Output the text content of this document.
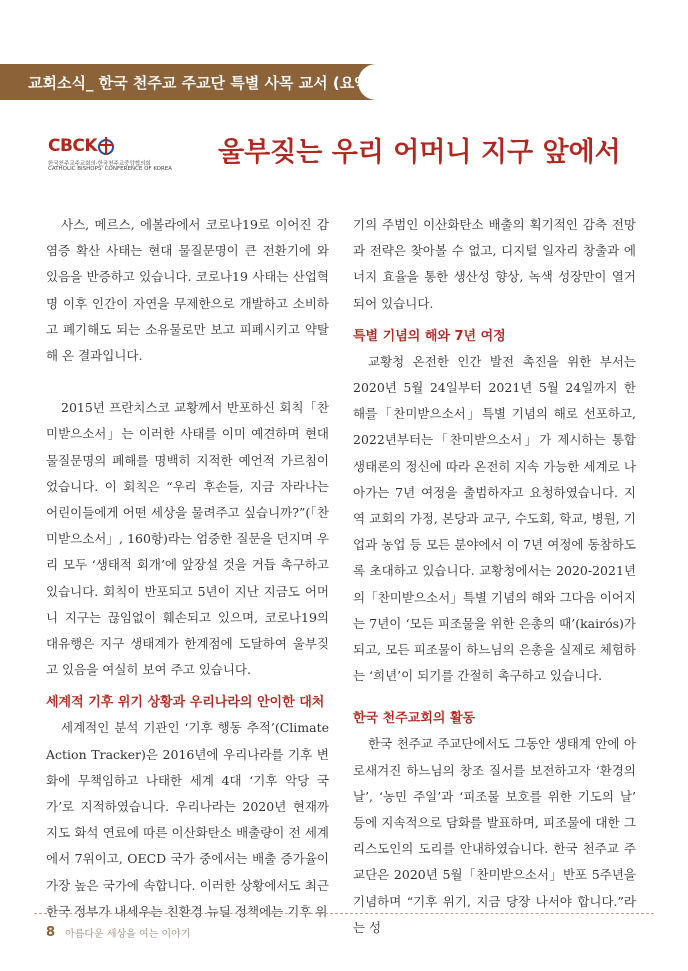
교회소식_ 한국 천주교 주교단 특별 사목 교서 (요약)
CBCK
한국천주교주교회의·한국천주교중앙협의회
CATHOLIC BISHOPS' CONFERENCE OF KOREA
울부짖는 우리 어머니 지구 앞에서

사스, 메르스, 에볼라에서 코로나19로 이어진 감염증 확산 사태는 현대 물질문명이 큰 전환기에 와 있음을 반증하고 있습니다. 코로나19 사태는 산업혁명 이후 인간이 자연을 무제한으로 개발하고 소비하고 폐기해도 되는 소유물로만 보고 피폐시키고 약탈해 온 결과입니다.

2015년 프란치스코 교황께서 반포하신 회칙「찬미받으소서」는 이러한 사태를 이미 예견하며 현대 물질문명의 폐해를 명백히 지적한 예언적 가르침이었습니다. 이 회칙은 “우리 후손들, 지금 자라나는 어린이들에게 어떤 세상을 물려주고 싶습니까?”(「찬미받으소서」, 160항)라는 엄중한 질문을 던지며 우리 모두 ‘생태적 회개’에 앞장설 것을 거듭 촉구하고 있습니다. 회칙이 반포되고 5년이 지난 지금도 어머니 지구는 끊임없이 훼손되고 있으며, 코로나19의 대유행은 지구 생태계가 한계점에 도달하여 울부짖고 있음을 여실히 보여 주고 있습니다.

세계적 기후 위기 상황과 우리나라의 안이한 대처

세계적인 분석 기관인 ‘기후 행동 추적’(Climate Action Tracker)은 2016년에 우리나라를 기후 변화에 무책임하고 나태한 세계 4대 ‘기후 악당 국가’로 지적하였습니다. 우리나라는 2020년 현재까지도 화석 연료에 따른 이산화탄소 배출량이 전 세계에서 7위이고, OECD 국가 중에서는 배출 증가율이 가장 높은 국가에 속합니다. 이러한 상황에서도 최근 한국 정부가 내세우는 친환경 뉴딜 정책에는 기후 위

기의 주범인 이산화탄소 배출의 획기적인 감축 전망과 전략은 찾아볼 수 없고, 디지털 일자리 창출과 에너지 효율을 통한 생산성 향상, 녹색 성장만이 열거되어 있습니다.

특별 기념의 해와 7년 여정

교황청 온전한 인간 발전 촉진을 위한 부서는 2020년 5월 24일부터 2021년 5월 24일까지 한 해를「찬미받으소서」특별 기념의 해로 선포하고, 2022년부터는「찬미받으소서」가 제시하는 통합 생태론의 정신에 따라 온전히 지속 가능한 세계로 나아가는 7년 여정을 출범하자고 요청하였습니다. 지역 교회의 가정, 본당과 교구, 수도회, 학교, 병원, 기업과 농업 등 모든 분야에서 이 7년 여정에 동참하도록 초대하고 있습니다. 교황청에서는 2020-2021년의「찬미받으소서」특별 기념의 해와 그다음 이어지는 7년이 ‘모든 피조물을 위한 은총의 때’(kairós)가 되고, 모든 피조물이 하느님의 은총을 실제로 체험하는 ‘희년’이 되기를 간절히 촉구하고 있습니다.

한국 천주교회의 활동

한국 천주교 주교단에서도 그동안 생태계 안에 아로새겨진 하느님의 창조 질서를 보전하고자 ‘환경의 날’, ‘농민 주일’과 ‘피조물 보호를 위한 기도의 날’ 등에 지속적으로 담화를 발표하며, 피조물에 대한 그리스도인의 도리를 안내하였습니다. 한국 천주교 주교단은 2020년 5월「찬미받으소서」반포 5주년을 기념하며 “기후 위기, 지금 당장 나서야 합니다.”라는 성

8 아름다운 세상을 여는 이야기
